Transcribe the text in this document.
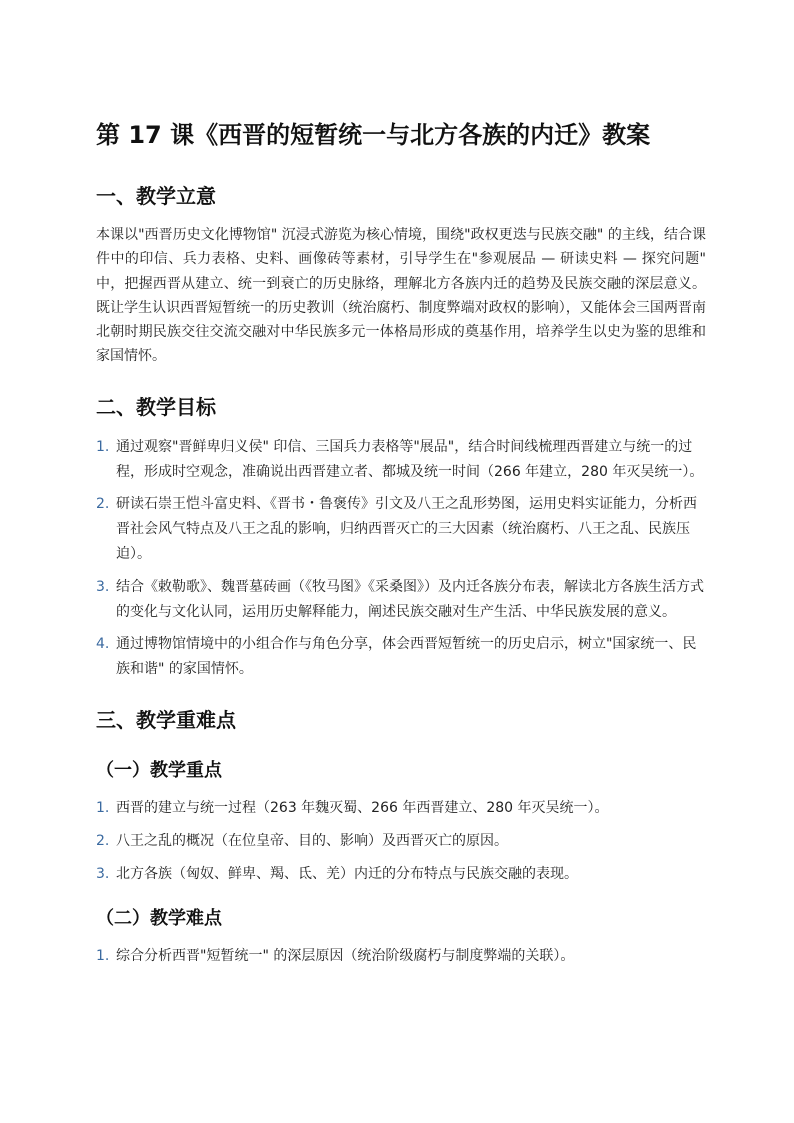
第 17 课《西晋的短暂统一与北方各族的内迁》教案
一、教学立意

本课以"西晋历史文化博物馆" 沉浸式游览为核心情境，围绕"政权更迭与民族交融" 的主线，结合课件中的印信、兵力表格、史料、画像砖等素材，引导学生在"参观展品 — 研读史料 — 探究问题" 中，把握西晋从建立、统一到衰亡的历史脉络，理解北方各族内迁的趋势及民族交融的深层意义。既让学生认识西晋短暂统一的历史教训（统治腐朽、制度弊端对政权的影响），又能体会三国两晋南北朝时期民族交往交流交融对中华民族多元一体格局形成的奠基作用，培养学生以史为鉴的思维和家国情怀。

二、教学目标
1. 通过观察"晋鲜卑归义侯" 印信、三国兵力表格等"展品"，结合时间线梳理西晋建立与统一的过程，形成时空观念，准确说出西晋建立者、都城及统一时间（266 年建立，280 年灭吴统一）。
2. 研读石崇王恺斗富史料、《晋书・鲁褒传》引文及八王之乱形势图，运用史料实证能力，分析西晋社会风气特点及八王之乱的影响，归纳西晋灭亡的三大因素（统治腐朽、八王之乱、民族压迫）。
3. 结合《敕勒歌》、魏晋墓砖画（《牧马图》《采桑图》）及内迁各族分布表，解读北方各族生活方式的变化与文化认同，运用历史解释能力，阐述民族交融对生产生活、中华民族发展的意义。
4. 通过博物馆情境中的小组合作与角色分享，体会西晋短暂统一的历史启示，树立"国家统一、民族和谐" 的家国情怀。
三、教学重难点
（一）教学重点
1. 西晋的建立与统一过程（263 年魏灭蜀、266 年西晋建立、280 年灭吴统一）。
2. 八王之乱的概况（在位皇帝、目的、影响）及西晋灭亡的原因。
3. 北方各族（匈奴、鲜卑、羯、氐、羌）内迁的分布特点与民族交融的表现。
（二）教学难点
1. 综合分析西晋"短暂统一" 的深层原因（统治阶级腐朽与制度弊端的关联）。
